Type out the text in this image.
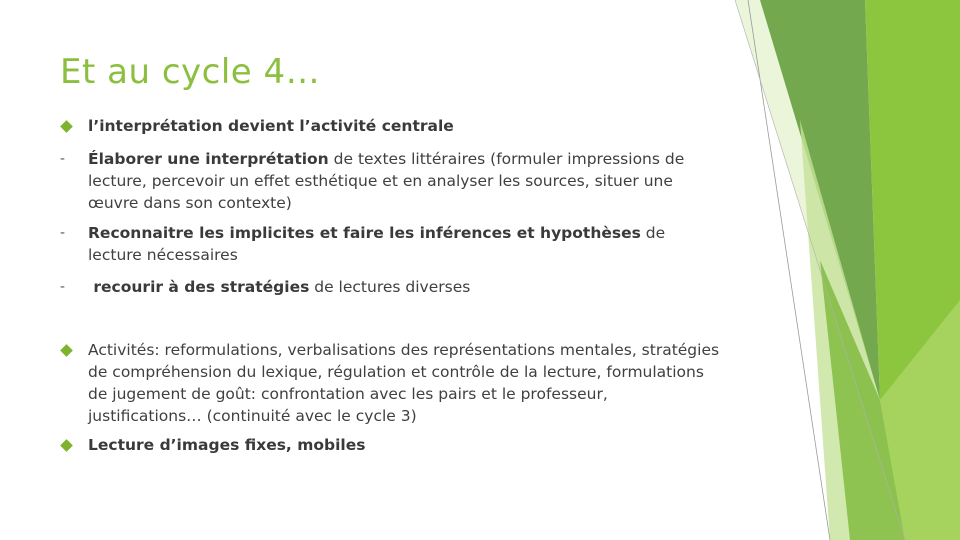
Et au cycle 4…
l’interprétation devient l’activité centrale
-	Élaborer une interprétation de textes littéraires (formuler impressions de lecture, percevoir un effet esthétique et en analyser les sources, situer une œuvre dans son contexte)
-	Reconnaitre les implicites et faire les inférences et hypothèses de lecture nécessaires
-	recourir à des stratégies de lectures diverses
Activités: reformulations, verbalisations des représentations mentales, stratégies de compréhension du lexique, régulation et contrôle de la lecture, formulations de jugement de goût: confrontation avec les pairs et le professeur, justifications… (continuité avec le cycle 3)
Lecture d’images fixes, mobiles
